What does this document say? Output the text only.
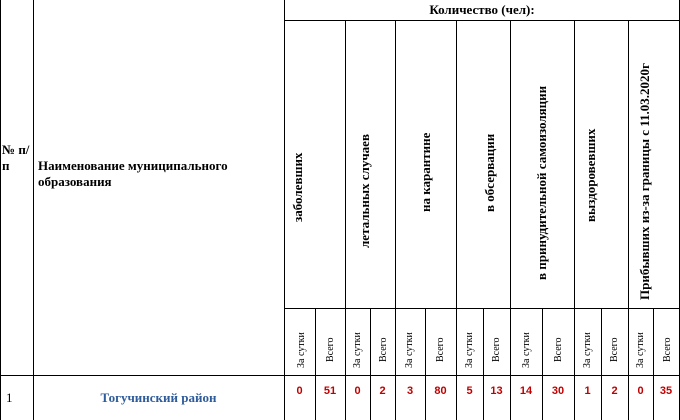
Количество (чел):
№ п/п	Наименование муниципального образования	заболевших	летальных случаев	на карантине	в обсервации	в принудительной самоизоляции	выздоровевших	Прибывших из-за границы с 11.03.2020г
За сутки Всего За сутки Всего За сутки Всего За сутки Всего За сутки Всего За сутки Всего За сутки Всего
1	Тогучинский район	0	51	0	2	3	80	5	13	14	30	1	2	0	35
